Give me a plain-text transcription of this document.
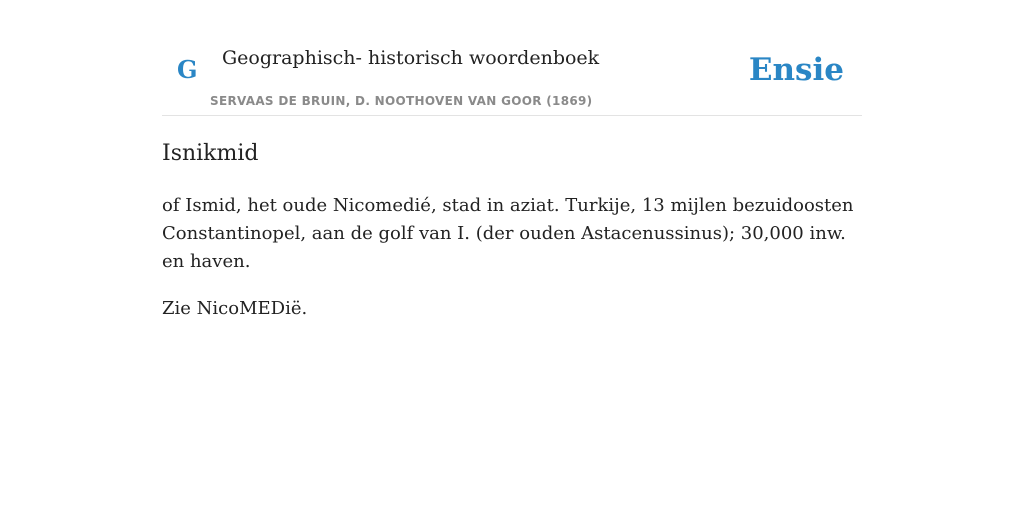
G Geographisch- historisch woordenboek
SERVAAS DE BRUIN, D. NOOTHOVEN VAN GOOR (1869)
Ensie
Isnikmid

of Ismid, het oude Nicomedié, stad in aziat. Turkije, 13 mijlen bezuidoosten Constantinopel, aan de golf van I. (der ouden Astacenussinus); 30,000 inw. en haven.

Zie NicoMEDië.
